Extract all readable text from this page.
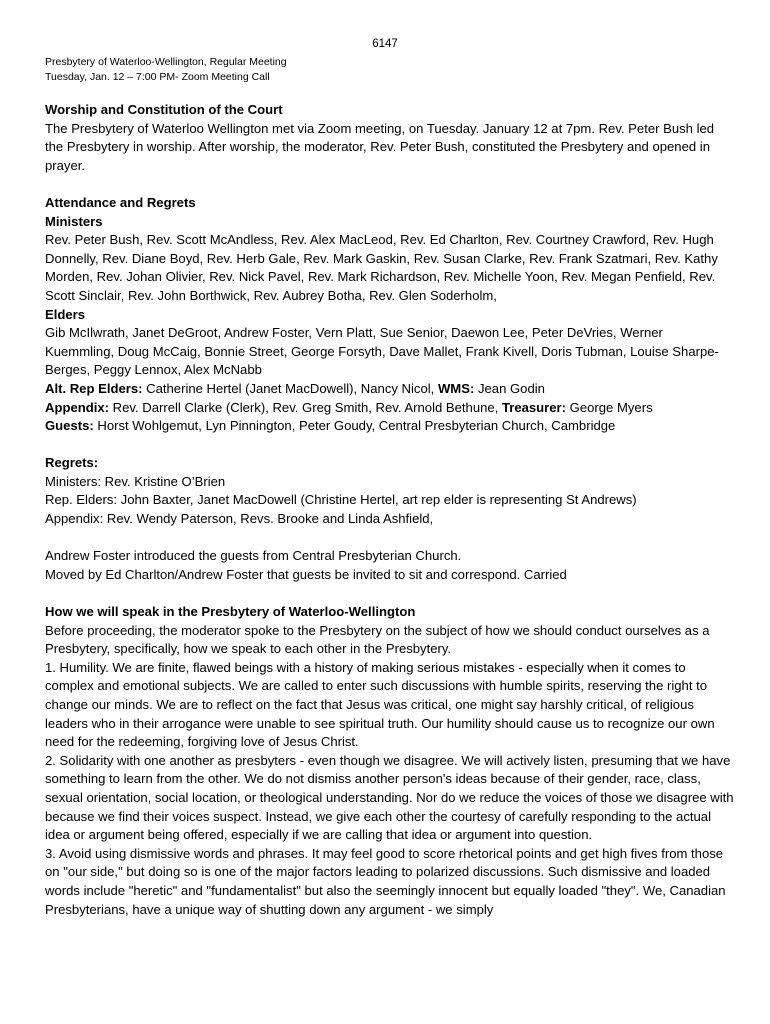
6147
Presbytery of Waterloo-Wellington, Regular Meeting
Tuesday, Jan. 12 – 7:00 PM- Zoom Meeting Call

Worship and Constitution of the Court

The Presbytery of Waterloo Wellington met via Zoom meeting, on Tuesday. January 12 at 7pm. Rev. Peter Bush led the Presbytery in worship. After worship, the moderator, Rev. Peter Bush, constituted the Presbytery and opened in prayer.

Attendance and Regrets

Ministers

Rev. Peter Bush, Rev. Scott McAndless, Rev. Alex MacLeod, Rev. Ed Charlton, Rev. Courtney Crawford, Rev. Hugh Donnelly, Rev. Diane Boyd, Rev. Herb Gale, Rev. Mark Gaskin, Rev. Susan Clarke, Rev. Frank Szatmari, Rev. Kathy Morden, Rev. Johan Olivier, Rev. Nick Pavel, Rev. Mark Richardson, Rev. Michelle Yoon, Rev. Megan Penfield, Rev. Scott Sinclair, Rev. John Borthwick, Rev. Aubrey Botha, Rev. Glen Soderholm,

Elders

Gib McIlwrath, Janet DeGroot, Andrew Foster, Vern Platt, Sue Senior, Daewon Lee, Peter DeVries, Werner Kuemmling, Doug McCaig, Bonnie Street, George Forsyth, Dave Mallet, Frank Kivell, Doris Tubman, Louise Sharpe-Berges, Peggy Lennox, Alex McNabb

Alt. Rep Elders: Catherine Hertel (Janet MacDowell), Nancy Nicol, WMS: Jean Godin

Appendix: Rev. Darrell Clarke (Clerk), Rev. Greg Smith, Rev. Arnold Bethune, Treasurer: George Myers

Guests: Horst Wohlgemut, Lyn Pinnington, Peter Goudy, Central Presbyterian Church, Cambridge

Regrets:

Ministers: Rev. Kristine O’Brien

Rep. Elders: John Baxter, Janet MacDowell (Christine Hertel, art rep elder is representing St Andrews)

Appendix: Rev. Wendy Paterson, Revs. Brooke and Linda Ashfield,

Andrew Foster introduced the guests from Central Presbyterian Church.

Moved by Ed Charlton/Andrew Foster that guests be invited to sit and correspond. Carried

How we will speak in the Presbytery of Waterloo-Wellington

Before proceeding, the moderator spoke to the Presbytery on the subject of how we should conduct ourselves as a Presbytery, specifically, how we speak to each other in the Presbytery.

1. Humility. We are finite, flawed beings with a history of making serious mistakes - especially when it comes to complex and emotional subjects. We are called to enter such discussions with humble spirits, reserving the right to change our minds. We are to reflect on the fact that Jesus was critical, one might say harshly critical, of religious leaders who in their arrogance were unable to see spiritual truth. Our humility should cause us to recognize our own need for the redeeming, forgiving love of Jesus Christ.

2. Solidarity with one another as presbyters - even though we disagree. We will actively listen, presuming that we have something to learn from the other. We do not dismiss another person's ideas because of their gender, race, class, sexual orientation, social location, or theological understanding. Nor do we reduce the voices of those we disagree with because we find their voices suspect. Instead, we give each other the courtesy of carefully responding to the actual idea or argument being offered, especially if we are calling that idea or argument into question.

3. Avoid using dismissive words and phrases. It may feel good to score rhetorical points and get high fives from those on "our side," but doing so is one of the major factors leading to polarized discussions. Such dismissive and loaded words include "heretic" and "fundamentalist" but also the seemingly innocent but equally loaded "they". We, Canadian Presbyterians, have a unique way of shutting down any argument - we simply
